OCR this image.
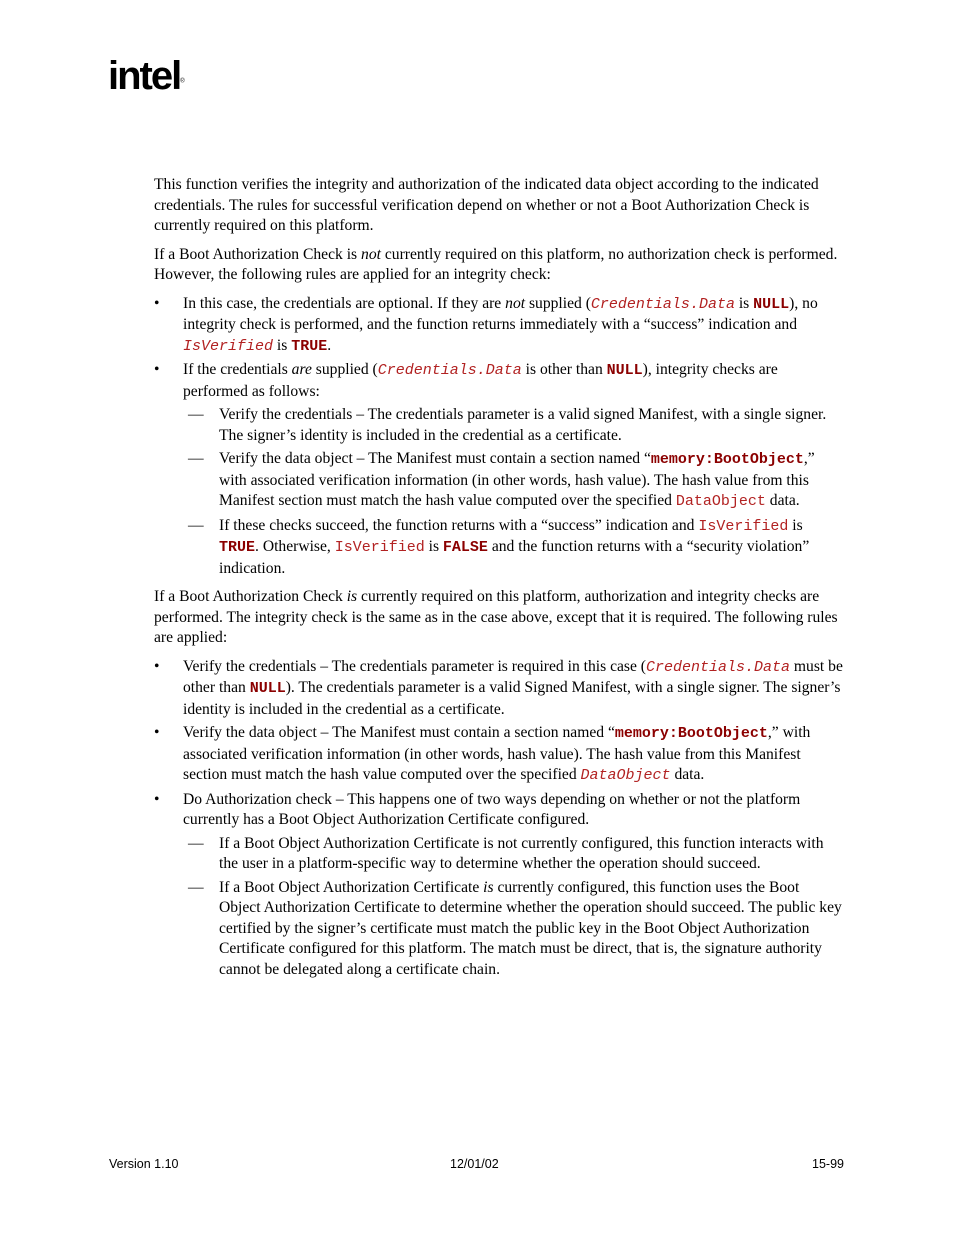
intel®

This function verifies the integrity and authorization of the indicated data object according to the indicated credentials. The rules for successful verification depend on whether or not a Boot Authorization Check is currently required on this platform.

If a Boot Authorization Check is not currently required on this platform, no authorization check is performed. However, the following rules are applied for an integrity check:

• In this case, the credentials are optional. If they are not supplied (Credentials.Data is NULL), no integrity check is performed, and the function returns immediately with a “success” indication and IsVerified is TRUE.
• If the credentials are supplied (Credentials.Data is other than NULL), integrity checks are performed as follows:
— Verify the credentials – The credentials parameter is a valid signed Manifest, with a single signer. The signer’s identity is included in the credential as a certificate.
— Verify the data object – The Manifest must contain a section named “memory:BootObject,” with associated verification information (in other words, hash value). The hash value from this Manifest section must match the hash value computed over the specified DataObject data.
— If these checks succeed, the function returns with a “success” indication and IsVerified is TRUE. Otherwise, IsVerified is FALSE and the function returns with a “security violation” indication.

If a Boot Authorization Check is currently required on this platform, authorization and integrity checks are performed. The integrity check is the same as in the case above, except that it is required. The following rules are applied:

• Verify the credentials – The credentials parameter is required in this case (Credentials.Data must be other than NULL). The credentials parameter is a valid Signed Manifest, with a single signer. The signer’s identity is included in the credential as a certificate.
• Verify the data object – The Manifest must contain a section named “memory:BootObject,” with associated verification information (in other words, hash value). The hash value from this Manifest section must match the hash value computed over the specified DataObject data.
• Do Authorization check – This happens one of two ways depending on whether or not the platform currently has a Boot Object Authorization Certificate configured.
— If a Boot Object Authorization Certificate is not currently configured, this function interacts with the user in a platform-specific way to determine whether the operation should succeed.
— If a Boot Object Authorization Certificate is currently configured, this function uses the Boot Object Authorization Certificate to determine whether the operation should succeed. The public key certified by the signer’s certificate must match the public key in the Boot Object Authorization Certificate configured for this platform. The match must be direct, that is, the signature authority cannot be delegated along a certificate chain.
Version 1.10	12/01/02	15-99
